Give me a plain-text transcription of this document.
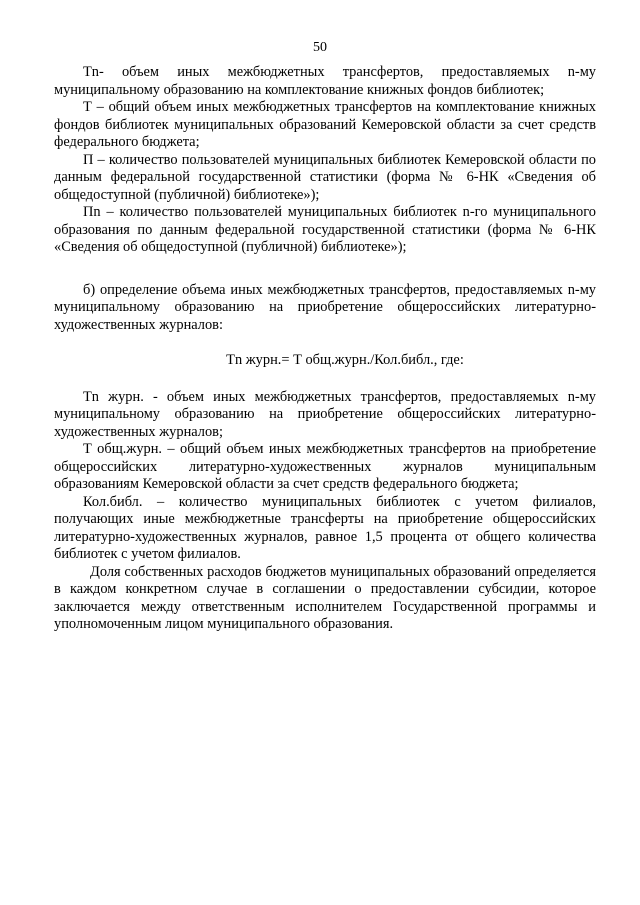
50

Tn- объем иных межбюджетных трансфертов, предоставляемых n-му муниципальному образованию на комплектование книжных фондов библиотек;

Т – общий объем иных межбюджетных трансфертов на комплектование книжных фондов библиотек муниципальных образований Кемеровской области за счет средств федерального бюджета;

П – количество пользователей муниципальных библиотек Кемеровской области по данным федеральной государственной статистики (форма № 6-НК «Сведения об общедоступной (публичной) библиотеке»);

Пn – количество пользователей муниципальных библиотек n-го муниципального образования по данным федеральной государственной статистики (форма № 6-НК «Сведения об общедоступной (публичной) библиотеке»);

б) определение объема иных межбюджетных трансфертов, предоставляемых n-му муниципальному образованию на приобретение общероссийских литературно-художественных журналов:

Тn журн.= Т общ.журн./Кол.библ., где:

Тn журн. - объем иных межбюджетных трансфертов, предоставляемых n-му муниципальному образованию на приобретение общероссийских литературно-художественных журналов;

Т общ.журн. – общий объем иных межбюджетных трансфертов на приобретение общероссийских литературно-художественных журналов муниципальным образованиям Кемеровской области за счет средств федерального бюджета;

Кол.библ. – количество муниципальных библиотек с учетом филиалов, получающих иные межбюджетные трансферты на приобретение общероссийских литературно-художественных журналов, равное 1,5 процента от общего количества библиотек с учетом филиалов.

Доля собственных расходов бюджетов муниципальных образований определяется в каждом конкретном случае в соглашении о предоставлении субсидии, которое заключается между ответственным исполнителем Государственной программы и уполномоченным лицом муниципального образования.
